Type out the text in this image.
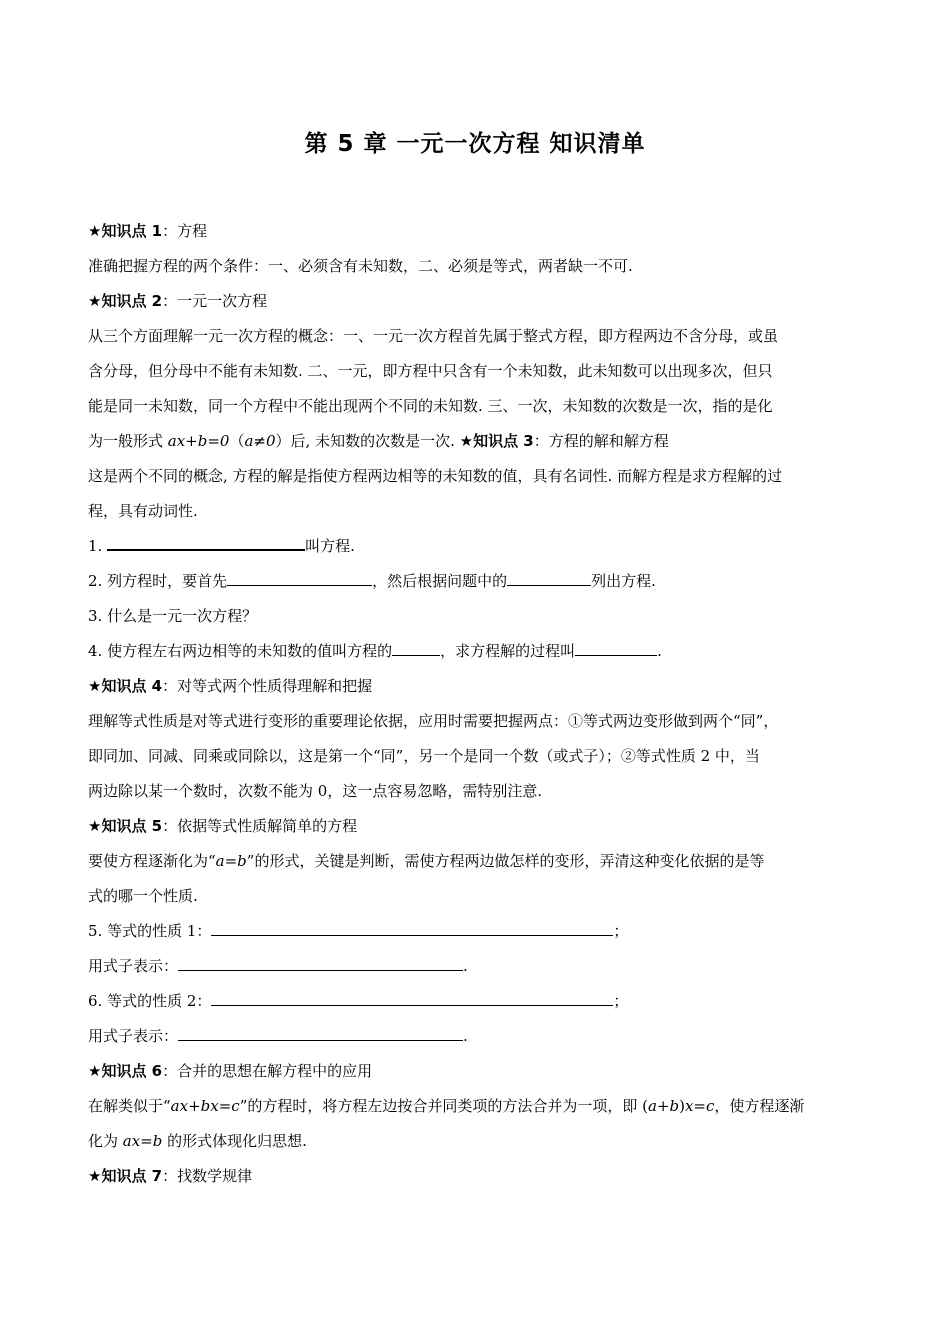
第 5 章 一元一次方程 知识清单
★知识点 1：方程
准确把握方程的两个条件：一、必须含有未知数，二、必须是等式，两者缺一不可.
★知识点 2：一元一次方程
从三个方面理解一元一次方程的概念：一、一元一次方程首先属于整式方程，即方程两边不含分母，或虽
含分母，但分母中不能有未知数. 二、一元，即方程中只含有一个未知数，此未知数可以出现多次，但只
能是同一未知数，同一个方程中不能出现两个不同的未知数. 三、一次，未知数的次数是一次，指的是化
为一般形式 ax+b=0（a≠0）后, 未知数的次数是一次. ★知识点 3：方程的解和解方程
这是两个不同的概念, 方程的解是指使方程两边相等的未知数的值，具有名词性. 而解方程是求方程解的过
程，具有动词性.
1.	叫方程.
2. 列方程时，要首先	，然后根据问题中的	列出方程.
3. 什么是一元一次方程？
4. 使方程左右两边相等的未知数的值叫方程的	，求方程解的过程叫	.
★知识点 4：对等式两个性质得理解和把握
理解等式性质是对等式进行变形的重要理论依据，应用时需要把握两点：①等式两边变形做到两个“同”，
即同加、同减、同乘或同除以，这是第一个“同”，另一个是同一个数（或式子）；②等式性质 2 中，当
两边除以某一个数时，次数不能为 0，这一点容易忽略，需特别注意.
★知识点 5：依据等式性质解简单的方程
要使方程逐渐化为“a=b”的形式，关键是判断，需使方程两边做怎样的变形，弄清这种变化依据的是等
式的哪一个性质.
5. 等式的性质 1：	；
用式子表示：	.
6. 等式的性质 2：	；
用式子表示：	.
★知识点 6：合并的思想在解方程中的应用
在解类似于“ax+bx=c”的方程时，将方程左边按合并同类项的方法合并为一项，即 (a+b)x=c，使方程逐渐
化为 ax=b 的形式体现化归思想.
★知识点 7：找数学规律
